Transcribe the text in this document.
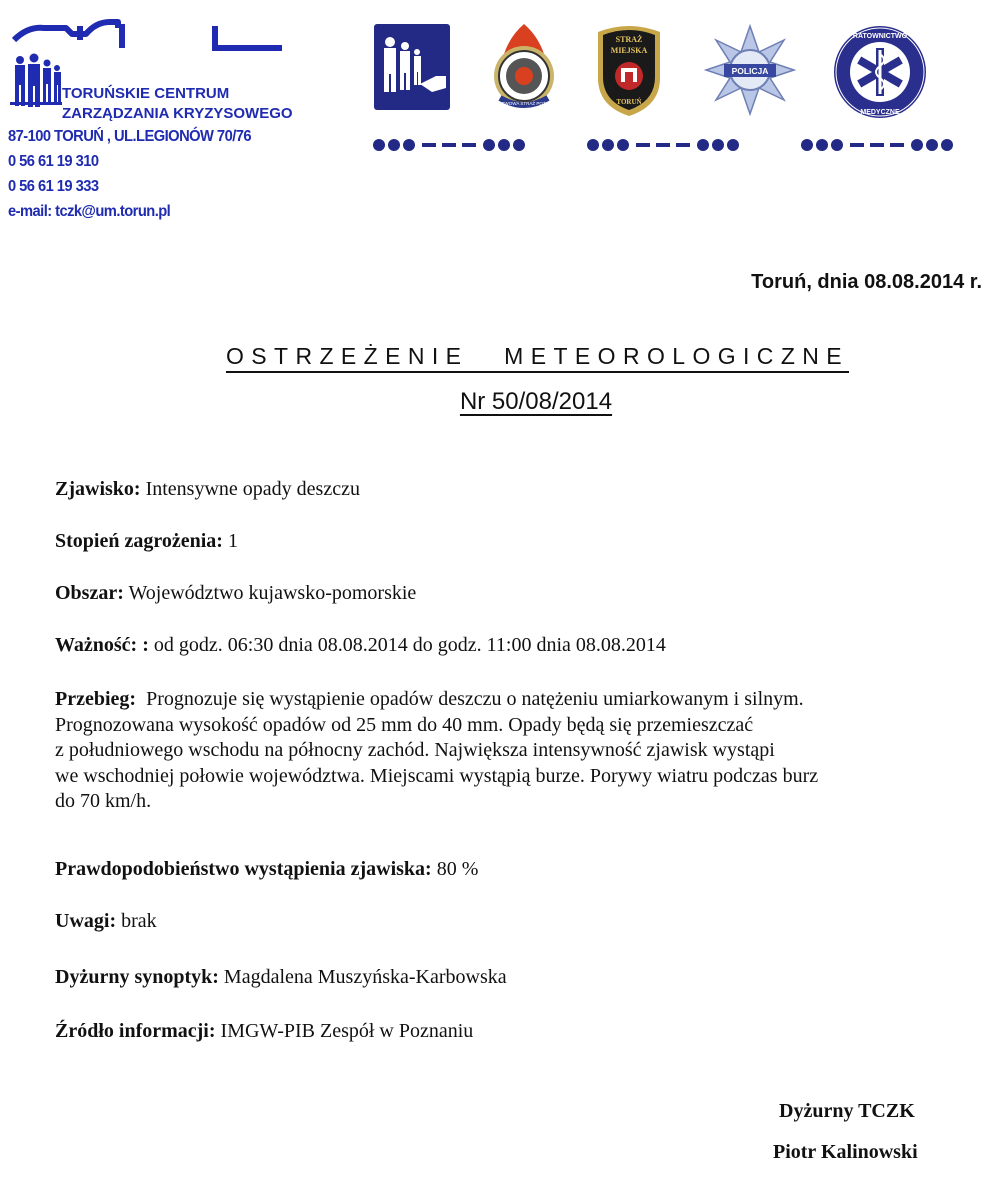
TORUŃSKIE CENTRUM
ZARZĄDZANIA KRYZYSOWEGO
87-100 TORUŃ , UL.LEGIONÓW 70/76
0 56 61 19 310
0 56 61 19 333
e-mail: tczk@um.torun.pl
PAŃSTWOWA STRAŻ POŻARNA
STRAŻ
MIEJSKA
TORUŃ
POLICJA
RATOWNICTWO
MEDYCZNE
Toruń, dnia 08.08.2014 r.
OSTRZEŻENIE METEOROLOGICZNE
Nr 50/08/2014
Zjawisko: Intensywne opady deszczu
Stopień zagrożenia: 1
Obszar: Województwo kujawsko-pomorskie
Ważność: : od godz. 06:30 dnia 08.08.2014 do godz. 11:00 dnia 08.08.2014
Przebieg:  Prognozuje się wystąpienie opadów deszczu o natężeniu umiarkowanym i silnym.
Prognozowana wysokość opadów od 25 mm do 40 mm. Opady będą się przemieszczać
z południowego wschodu na północny zachód. Największa intensywność zjawisk wystąpi
we wschodniej połowie województwa. Miejscami wystąpią burze. Porywy wiatru podczas burz
do 70 km/h.
Prawdopodobieństwo wystąpienia zjawiska: 80 %
Uwagi: brak
Dyżurny synoptyk: Magdalena Muszyńska-Karbowska
Źródło informacji: IMGW-PIB Zespół w Poznaniu
Dyżurny TCZK
Piotr Kalinowski
